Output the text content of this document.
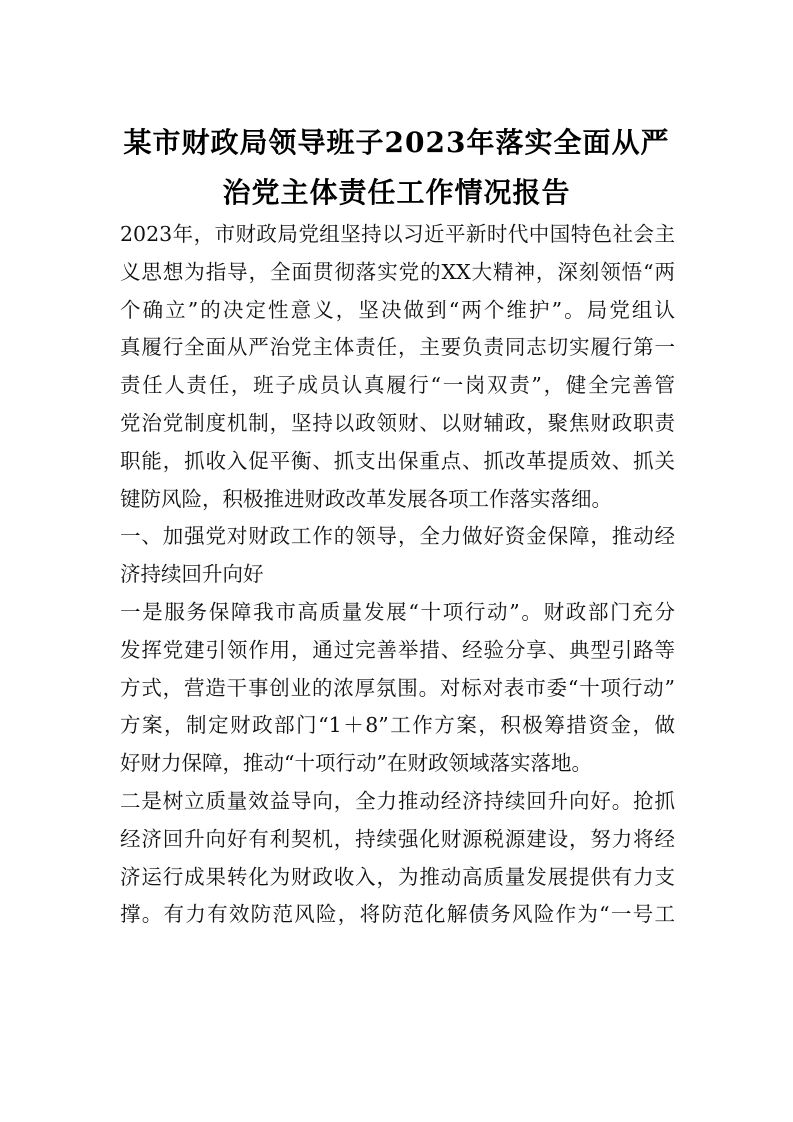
某市财政局领导班子2023年落实全面从严
治党主体责任工作情况报告
2023年，市财政局党组坚持以习近平新时代中国特色社会主
义思想为指导，全面贯彻落实党的XX大精神，深刻领悟“两
个确立”的决定性意义，坚决做到“两个维护”。局党组认
真履行全面从严治党主体责任，主要负责同志切实履行第一
责任人责任，班子成员认真履行“一岗双责”，健全完善管
党治党制度机制，坚持以政领财、以财辅政，聚焦财政职责
职能，抓收入促平衡、抓支出保重点、抓改革提质效、抓关
键防风险，积极推进财政改革发展各项工作落实落细。
一、加强党对财政工作的领导，全力做好资金保障，推动经
济持续回升向好
一是服务保障我市高质量发展“十项行动”。财政部门充分
发挥党建引领作用，通过完善举措、经验分享、典型引路等
方式，营造干事创业的浓厚氛围。对标对表市委“十项行动”
方案，制定财政部门“1＋8”工作方案，积极筹措资金，做
好财力保障，推动“十项行动”在财政领域落实落地。
二是树立质量效益导向，全力推动经济持续回升向好。抢抓
经济回升向好有利契机，持续强化财源税源建设，努力将经
济运行成果转化为财政收入，为推动高质量发展提供有力支
撑。有力有效防范风险，将防范化解债务风险作为“一号工
